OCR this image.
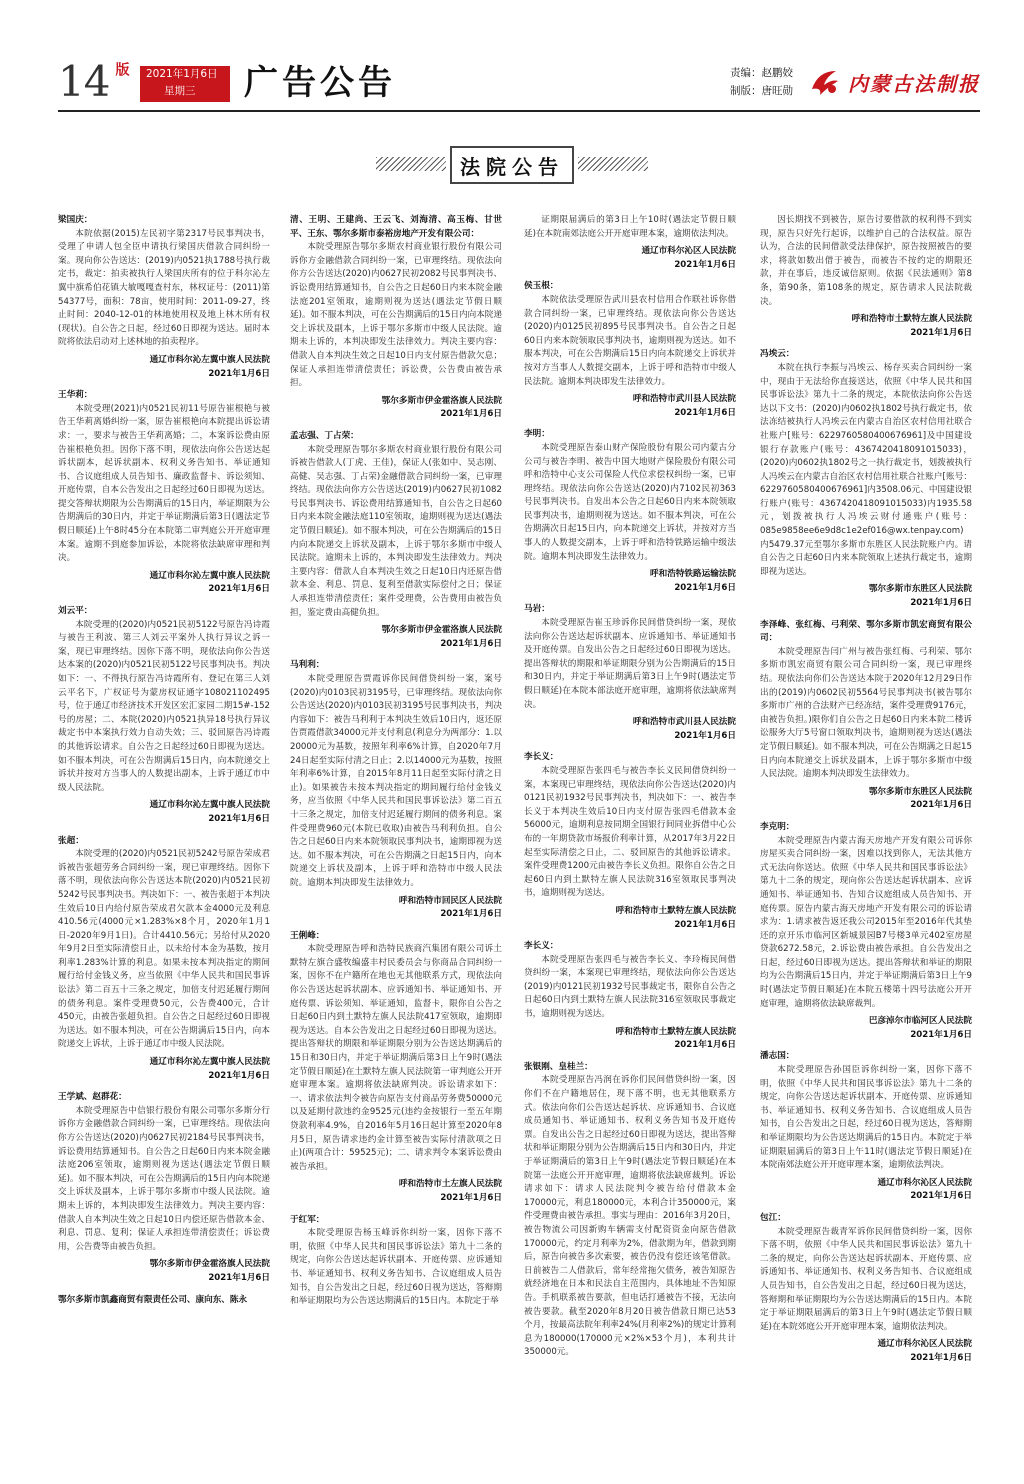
14 版 2021年1月6日
星期三	广告公告	责编：赵鹏姣
制版：唐旺勋	内蒙古法制报
法院公告

梁国庆：

本院依据(2015)左民初字第2317号民事判决书，受理了申请人包全臣申请执行梁国庆借款合同纠纷一案。现向你公告送达：(2019)内0521执1788号执行裁定书，裁定：拍卖被执行人梁国庆所有的位于科尔沁左翼中旗希伯花镇大敏嘎嘎查村东，林权证号：(2011)第54377号，面积：78亩，使用时间：2011-09-27，终止时间：2040-12-01的林地使用权及地上林木所有权(现状)。自公告之日起，经过60日即视为送达。届时本院将依法启动对上述林地的拍卖程序。

通辽市科尔沁左翼中旗人民法院

2021年1月6日

王华莉：

本院受理(2021)内0521民初11号原告崔根艳与被告王华莉离婚纠纷一案，原告崔根艳向本院提出诉讼请求：一，要求与被告王华莉离婚；二，本案诉讼费由原告崔根艳负担。因你下落不明，现依法向你公告送达起诉状副本，起诉状副本、权利义务告知书、举证通知书、合议庭组成人员告知书、廉政监督卡、诉讼须知、开庭传票，自本公告发出之日起经过60日即视为送达。提交答辩状期限为公告期满后的15日内，举证期限为公告期满后的30日内，并定于举证期满后第3日(遇法定节假日顺延)上午8时45分在本院第二审判庭公开开庭审理本案。逾期不到庭参加诉讼，本院将依法缺席审理和判决。

通辽市科尔沁左翼中旗人民法院

2021年1月6日

刘云平：

本院受理的(2020)内0521民初5122号原告冯诗霞与被告王利波、第三人刘云平案外人执行异议之诉一案，现已审理终结。因你下落不明，现依法向你公告送达本案的(2020)内0521民初5122号民事判决书。判决如下：一、不得执行原告冯诗霞所有、登记在第三人刘云平名下，广权证号为蒙房权证通字108021102495号，位于通辽市经济技术开发区宏汇家园二期15#-152号的房屋；二、本院(2020)内0521执异18号执行异议裁定书中本案执行效力自动失效；三、驳回原告冯诗霞的其他诉讼请求。自公告之日起经过60日即视为送达。如不服本判决，可在公告期满后15日内，向本院递交上诉状并按对方当事人的人数提出副本，上诉于通辽市中级人民法院。

通辽市科尔沁左翼中旗人民法院

2021年1月6日

张超：

本院受理的(2020)内0521民初5242号原告荣成君诉被告张超劳务合同纠纷一案，现已审理终结。因你下落不明，现依法向你公告送达本院(2020)内0521民初5242号民事判决书。判决如下：一、被告张超于本判决生效后10日内给付原告荣成君欠款本金4000元及利息410.56元(4000元×1.283%×8个月，2020年1月1日-2020年9月1日)。合计4410.56元；另给付从2020年9月2日至实际清偿日止，以未给付本金为基数，按月利率1.283%计算的利息。如果未按本判决指定的期间履行给付金钱义务，应当依照《中华人民共和国民事诉讼法》第二百五十三条之规定，加倍支付迟延履行期间的债务利息。案件受理费50元，公告费400元，合计450元，由被告张超负担。自公告之日起经过60日即视为送达。如不服本判决，可在公告期满后15日内，向本院递交上诉状，上诉于通辽市中级人民法院。

通辽市科尔沁左翼中旗人民法院

2021年1月6日

王学斌、赵群花：

本院受理原告中信银行股份有限公司鄂尔多斯分行诉你方金融借款合同纠纷一案，已审理终结。现依法向你方公告送达(2020)内0627民初2184号民事判决书，诉讼费用结算通知书。自公告之日起60日内来本院金融法庭206室领取，逾期则视为送达(遇法定节假日顺延)。如不服本判决，可在公告期满后的15日内向本院递交上诉状及副本，上诉于鄂尔多斯市中级人民法院。逾期未上诉的，本判决即发生法律效力。判决主要内容：借款人自本判决生效之日起10日内偿还原告借款本金、利息、罚息、复利；保证人承担连带清偿责任；诉讼费用，公告费等由被告负担。

鄂尔多斯市伊金霍洛旗人民法院

2021年1月6日

鄂尔多斯市凯鑫商贸有限责任公司、康向东、陈永

清、王明、王建尚、王云飞、刘海清、高玉梅、甘世平、王东、鄂尔多斯市泰裕房地产开发有限公司：

本院受理原告鄂尔多斯农村商业银行股份有限公司诉你方金融借款合同纠纷一案，已审理终结。现依法向你方公告送达(2020)内0627民初2082号民事判决书、诉讼费用结算通知书，自公告之日起60日内来本院金融法庭201室领取，逾期则视为送达(遇法定节假日顺延)。如不服本判决，可在公告期满后的15日内向本院递交上诉状及副本，上诉于鄂尔多斯市中级人民法院。逾期未上诉的，本判决即发生法律效力。判决主要内容：借款人自本判决生效之日起10日内支付原告借款欠息；保证人承担连带清偿责任；诉讼费，公告费由被告承担。

鄂尔多斯市伊金霍洛旗人民法院

2021年1月6日

孟志强、丁占荣：

本院受理原告鄂尔多斯农村商业银行股份有限公司诉被告借款人(丁虎、王佳)，保证人(张如中、吴志刚、高健、吴志强、丁占荣)金融借款合同纠纷一案，已审理终结。现依法向你方公告送达(2019)内0627民初1082号民事判决书、诉讼费用结算通知书，自公告之日起60日内来本院金融法庭110室领取，逾期则视为送达(遇法定节假日顺延)。如不服本判决，可在公告期满后的15日内向本院递交上诉状及副本，上诉于鄂尔多斯市中级人民法院。逾期未上诉的，本判决即发生法律效力。判决主要内容：借款人自本判决生效之日起10日内还原告借款本金、利息、罚息、复利至借款实际偿付之日；保证人承担连带清偿责任；案件受理费，公告费用由被告负担，鉴定费由高健负担。

鄂尔多斯市伊金霍洛旗人民法院

2021年1月6日

马利利：

本院受理原告贾霞诉你民间借贷纠纷一案，案号(2020)内0103民初3195号，已审理终结。现依法向你公告送达(2020)内0103民初3195号民事判决书，判决内容如下：被告马利利于本判决生效后10日内，返还原告贾霞借款34000元并支付利息(利息分为两部分：1.以20000元为基数，按照年利率6%计算，自2020年7月24日起至实际付清之日止；2.以14000元为基数，按照年利率6%计算，自2015年8月11日起至实际付清之日止)。如果被告未按本判决指定的期间履行给付金钱义务，应当依照《中华人民共和国民事诉讼法》第二百五十三条之规定，加倍支付迟延履行期间的债务利息。案件受理费960元(本院已收取)由被告马利利负担。自公告之日起60日内来本院领取民事判决书，逾期即视为送达。如不服本判决，可在公告期满之日起15日内，向本院递交上诉状及副本，上诉于呼和浩特市中级人民法院。逾期本判决即发生法律效力。

呼和浩特市回民区人民法院

2021年1月6日

王俐峰：

本院受理原告呼和浩特民族商汽集团有限公司诉土默特左旗合盛牧编盛丰村民委员会与你商品合同纠纷一案，因你不在户籍所在地也无其他联系方式，现依法向你公告送达起诉状副本、应诉通知书、举证通知书、开庭传票、诉讼须知、举证通知，监督卡，限你自公告之日起60日内到土默特左旗人民法院417室领取，逾期即视为送达。自本公告发出之日起经过60日即视为送达。提出答辩状的期限和举证期限分别为公告送达期满后的15日和30日内，并定于举证期满后第3日上午9时(遇法定节假日顺延)在土默特左旗人民法院第一审判庭公开开庭审理本案。逾期将依法缺席判决。诉讼请求如下：一、请求依法判令被告向原告支付商品劳务费50000元以及延期付款违约金9525元(违约金按银行一至五年期贷款利率4.9%，自2016年5月16日起计算至2020年8月5日，原告请求违约金计算至被告实际付清款项之日止)(两项合计：59525元)；二、请求判令本案诉讼费由被告承担。

呼和浩特市土左旗人民法院

2021年1月6日

于红军：

本院受理原告杨玉峰诉你纠纷一案，因你下落不明，依照《中华人民共和国民事诉讼法》第九十二条的规定，向你公告送达起诉状副本、开庭传票、应诉通知书、举证通知书、权利义务告知书、合议庭组成人员告知书，自公告发出之日起，经过60日视为送达，答辩期和举证期限均为公告送达期满后的15日内。本院定于举

证期限届满后的第3日上午10时(遇法定节假日顺延)在本院南郊法庭公开开庭审理本案，逾期依法判决。

通辽市科尔沁区人民法院

2021年1月6日

侯玉根：

本院依法受理原告武川县农村信用合作联社诉你借款合同纠纷一案，已审理终结。现依法向你公告送达(2020)内0125民初895号民事判决书。自公告之日起60日内来本院领取民事判决书，逾期则视为送达。如不服本判决，可在公告期满后15日内向本院递交上诉状并按对方当事人人数提交副本，上诉于呼和浩特市中级人民法院。逾期本判决即发生法律效力。

呼和浩特市武川县人民法院

2021年1月6日

李明：

本院受理原告泰山财产保险股份有限公司内蒙古分公司与被告李明、被告中国大地财产保险股份有限公司呼和浩特中心支公司保险人代位求偿权纠纷一案，已审理终结。现依法向你公告送达(2020)内7102民初363号民事判决书。自发出本公告之日起60日内来本院领取民事判决书，逾期则视为送达。如不服本判决，可在公告期满次日起15日内，向本院递交上诉状，并按对方当事人的人数提交副本，上诉于呼和浩特铁路运输中级法院。逾期本判决即发生法律效力。

呼和浩特铁路运输法院

2021年1月6日

马岩：

本院受理原告崔玉珍诉你民间借贷纠纷一案，现依法向你公告送达起诉状副本、应诉通知书、举证通知书及开庭传票。自发出公告之日起经过60日即视为送达。提出答辩状的期限和举证期限分别为公告期满后的15日和30日内，并定于举证期满后第3日上午9时(遇法定节假日顺延)在本院本部法庭开庭审理，逾期将依法缺席判决。

呼和浩特市武川县人民法院

2021年1月6日

李长义：

本院受理原告张四毛与被告李长义民间借贷纠纷一案，本案现已审理终结，现依法向你公告送达(2020)内0121民初1932号民事判决书，判决如下：一、被告李长义于本判决生效后10日内支付原告张四毛借款本金56000元，逾期利息按同期全国银行间同业拆借中心公布的一年期贷款市场报价利率计算，从2017年3月22日起至实际清偿之日止，二、驳回原告的其他诉讼请求。案件受理费1200元由被告李长义负担。限你自公告之日起60日内到土默特左旗人民法院316室领取民事判决书，逾期则视为送达。

呼和浩特市土默特左旗人民法院

2021年1月6日

李长义：

本院受理原告张四毛与被告李长义、李玲梅民间借贷纠纷一案，本案现已审理终结，现依法向你公告送达(2019)内0121民初1932号民事裁定书，限你自公告之日起60日内到土默特左旗人民法院316室领取民事裁定书，逾期则视为送达。

呼和浩特市土默特左旗人民法院

2021年1月6日

张银刚、皇桂兰：

本院受理原告冯润在诉你们民间借贷纠纷一案，因你们不在户籍地居住，现下落不明，也无其他联系方式。依法向你们公告送达起诉状、应诉通知书、合议庭成员通知书、举证通知书、权利义务告知书及开庭传票。自发出公告之日起经过60日即视为送达，提出答辩状和举证期限分别为公告期满后15日内和30日内，并定于举证期满后的第3日上午9时(遇法定节假日顺延)在本院第一法庭公开开庭审理，逾期将依法缺席裁判。诉讼请求如下：请求人民法院判令被告给付借款本金170000元，利息180000元，本利合计350000元，案件受理费由被告承担。事实与理由：2016年3月20日，被告物流公司因新购车辆需支付配资资金向原告借款170000元，约定月利率为2%，借款期为年，借款到期后，原告向被告多次索要，被告仍没有偿还该笔借款。日前被告二人借款后，常年经常拖欠债务，被告知原告就经济地在日本和民法自主范围内，具体地址不告知原告。手机联系被告要款，但电话打通被告不接，无法向被告要款。截至2020年8月20日被告借款日期已达53个月，按最高法院年利率24%(月利率2%)的规定计算利息为180000(170000元×2%×53个月)，本利共计350000元。

因长期找不到被告，原告讨要借款的权利得不到实现，原告只好先行起诉，以维护自己的合法权益。原告认为，合法的民间借款受法律保护，原告按照被告的要求，将款如数出借于被告，而被告不按约定的期限还款，并在事后，违反诚信原则。依据《民法通则》第8条，第90条，第108条的规定，原告请求人民法院裁决。

呼和浩特市土默特左旗人民法院

2021年1月6日

冯埃云：

本院在执行李振与冯埃云、杨存买卖合同纠纷一案中，现由于无法给你直接送达，依照《中华人民共和国民事诉讼法》第九十二条的规定，本院依法向你公告送达以下文书：(2020)内0602执1802号执行裁定书，依法冻结被执行人冯埃云在内蒙古自治区农村信用社联合社账户[账号：6229760580400676961]及中国建设银行存款账户(账号：4367420418091015033)，(2020)内0602执1802号之一执行裁定书，划拨被执行人冯埃云在内蒙古自治区农村信用社联合社账户[账号：6229760580400676961]内3508.06元、中国建设银行账户(账号：4367420418091015033)内1935.58元，划拨被执行人冯埃云财付通账户(账号：085e9858ee6e9d8c1e2ef016@wx.tenpay.com)内5479.37元至鄂尔多斯市东胜区人民法院账户内。请自公告之日起60日内来本院领取上述执行裁定书，逾期即视为送达。

鄂尔多斯市东胜区人民法院

2021年1月6日

李泽峰、张红梅、弓利荣、鄂尔多斯市凯宏商贸有限公司：

本院受理原告闫广州与被告张红梅、弓利荣、鄂尔多斯市凯宏商贸有限公司合同纠纷一案，现已审理终结。现依法向你们公告送达本院于2020年12月29日作出的(2019)内0602民初5564号民事判决书(被告鄂尔多斯市广州的合法财产已经冻结，案件受理费9176元，由被告负担。)限你们自公告之日起60日内来本院二楼诉讼服务大厅5号窗口领取判决书，逾期则视为送达(遇法定节假日顺延)。如不服本判决，可在公告期满之日起15日内向本院递交上诉状及副本，上诉于鄂尔多斯市中级人民法院。逾期本判决即发生法律效力。

鄂尔多斯市东胜区人民法院

2021年1月6日

李克明：

本院受理原告内蒙古海天房地产开发有限公司诉你房屋买卖合同纠纷一案，因难以找到你人，无法其他方式无法向你送达。依照《中华人民共和国民事诉讼法》第九十二条的规定，现向你公告送达起诉状副本、应诉通知书、举证通知书、告知合议庭组成人员告知书、开庭传票。原告内蒙古海天房地产开发有限公司的诉讼请求为：1.请求被告返还我公司2015年至2016年代其垫还的京开乐市临河区新城景园B7号楼3单元402室房屋贷款6272.58元，2.诉讼费由被告承担。自公告发出之日起，经过60日即视为送达。提出答辩状和举证的期限均为公告期满后15日内，并定于举证期满后第3日上午9时(遇法定节假日顺延)在本院五楼第十四号法庭公开开庭审理，逾期将依法缺席裁判。

巴彦淖尔市临河区人民法院

2021年1月6日

潘志国：

本院受理原告孙国臣诉你纠纷一案，因你下落不明，依照《中华人民共和国民事诉讼法》第九十二条的规定，向你公告送达起诉状副本、开庭传票、应诉通知书、举证通知书、权利义务告知书、合议庭组成人员告知书，自公告发出之日起，经过60日视为送达，答辩期和举证期限均为公告送达期满后的15日内。本院定于举证期限届满后的第3日上午11时(遇法定节假日顺延)在本院南郊法庭公开开庭审理本案，逾期依法判决。

通辽市科尔沁区人民法院

2021年1月6日

包江：

本院受理原告裁青军诉你民间借贷纠纷一案，因你下落不明，依照《中华人民共和国民事诉讼法》第九十二条的规定，向你公告送达起诉状副本、开庭传票、应诉通知书、举证通知书、权利义务告知书、合议庭组成人员告知书，自公告发出之日起，经过60日视为送达，答辩期和举证期限均为公告送达期满后的15日内。本院定于举证期限届满后的第3日上午9时(遇法定节假日顺延)在本院郊庭公开开庭审理本案，逾期依法判决。

通辽市科尔沁区人民法院

2021年1月6日
